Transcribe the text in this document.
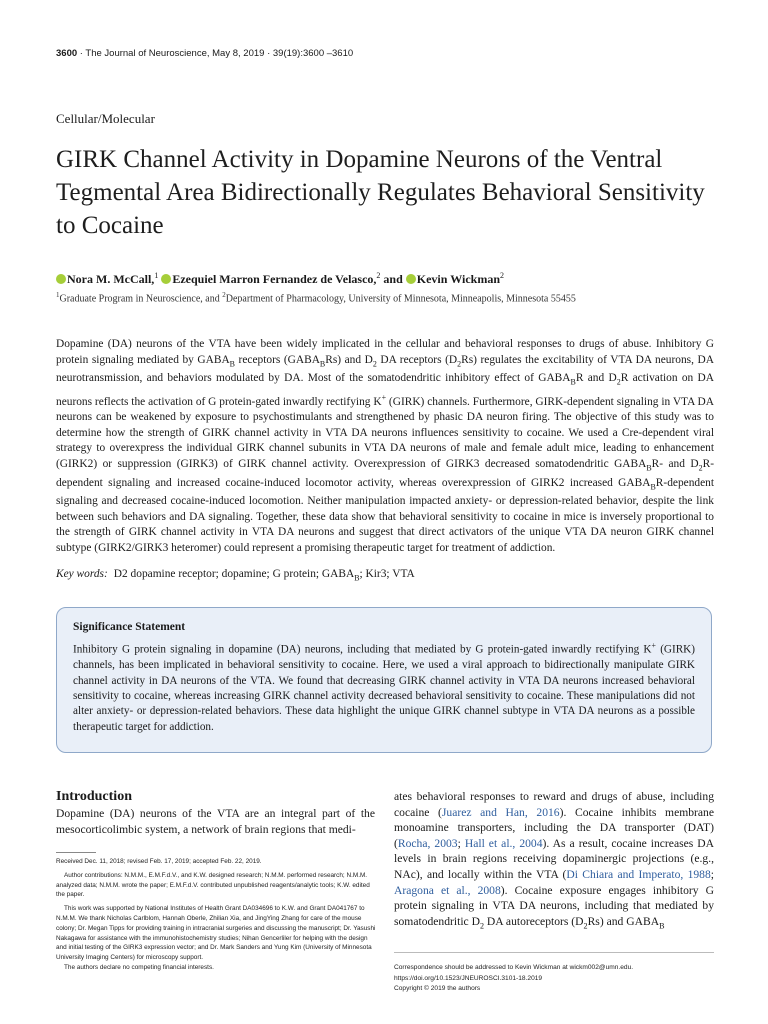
3600 · The Journal of Neuroscience, May 8, 2019 · 39(19):3600 –3610
Cellular/Molecular
GIRK Channel Activity in Dopamine Neurons of the Ventral Tegmental Area Bidirectionally Regulates Behavioral Sensitivity to Cocaine
Nora M. McCall,$^1$ Ezequiel Marron Fernandez de Velasco,$^2$ and Kevin Wickman$^2$
$^1$Graduate Program in Neuroscience, and $^2$Department of Pharmacology, University of Minnesota, Minneapolis, Minnesota 55455

Dopamine (DA) neurons of the VTA have been widely implicated in the cellular and behavioral responses to drugs of abuse. Inhibitory G protein signaling mediated by $GABA_B$ receptors $(GABA_BRs)$ and $D_2$ DA receptors $(D_2Rs)$ regulates the excitability of VTA DA neurons, DA neurotransmission, and behaviors modulated by DA. Most of the somatodendritic inhibitory effect of $GABA_BR$ and $D_2R$ activation on DA neurons reflects the activation of G protein-gated inwardly rectifying K+ (GIRK) channels. Furthermore, GIRK-dependent signaling in VTA DA neurons can be weakened by exposure to psychostimulants and strengthened by phasic DA neuron firing. The objective of this study was to determine how the strength of GIRK channel activity in VTA DA neurons influences sensitivity to cocaine. We used a Cre-dependent viral strategy to overexpress the individual GIRK channel subunits in VTA DA neurons of male and female adult mice, leading to enhancement (GIRK2) or suppression (GIRK3) of GIRK channel activity. Overexpression of GIRK3 decreased somatodendritic $GABA_BR-$ and $D_2R$-dependent signaling and increased cocaine-induced locomotor activity, whereas overexpression of GIRK2 increased $GABA_BR$-dependent signaling and decreased cocaine-induced locomotion. Neither manipulation impacted anxiety- or depression-related behavior, despite the link between such behaviors and DA signaling. Together, these data show that behavioral sensitivity to cocaine in mice is inversely proportional to the strength of GIRK channel activity in VTA DA neurons and suggest that direct activators of the unique VTA DA neuron GIRK channel subtype (GIRK2/GIRK3 heteromer) could represent a promising therapeutic target for treatment of addiction.

Key words: D2 dopamine receptor; dopamine; G protein; $GABA_B$; Kir3; VTA
Significance Statement

Inhibitory G protein signaling in dopamine (DA) neurons, including that mediated by G protein-gated inwardly rectifying K+ (GIRK) channels, has been implicated in behavioral sensitivity to cocaine. Here, we used a viral approach to bidirectionally manipulate GIRK channel activity in DA neurons of the VTA. We found that decreasing GIRK channel activity in VTA DA neurons increased behavioral sensitivity to cocaine, whereas increasing GIRK channel activity decreased behavioral sensitivity to cocaine. These manipulations did not alter anxiety- or depression-related behaviors. These data highlight the unique GIRK channel subtype in VTA DA neurons as a possible therapeutic target for addiction.

Introduction

Dopamine (DA) neurons of the VTA are an integral part of the mesocorticolimbic system, a network of brain regions that medi-

ates behavioral responses to reward and drugs of abuse, including cocaine (Juarez and Han, 2016). Cocaine inhibits membrane monoamine transporters, including the DA transporter (DAT) (Rocha, 2003; Hall et al., 2004). As a result, cocaine increases DA levels in brain regions receiving dopaminergic projections (e.g., NAc), and locally within the VTA (Di Chiara and Imperato, 1988; Aragona et al., 2008). Cocaine exposure engages inhibitory G protein signaling in VTA DA neurons, including that mediated by somatodendritic $D_2$ DA autoreceptors $(D_2Rs)$ and $GABA_B$

Received Dec. 11, 2018; revised Feb. 17, 2019; accepted Feb. 22, 2019.

Author contributions: N.M.M., E.M.F.d.V., and K.W. designed research; N.M.M. performed research; N.M.M. analyzed data; N.M.M. wrote the paper; E.M.F.d.V. contributed unpublished reagents/analytic tools; K.W. edited the paper.

This work was supported by National Institutes of Health Grant DA034696 to K.W. and Grant DA041767 to N.M.M. We thank Nicholas Carlblom, Hannah Oberle, Zhilian Xia, and JingYing Zhang for care of the mouse colony; Dr. Megan Tipps for providing training in intracranial surgeries and discussing the manuscript; Dr. Yasushi Nakagawa for assistance with the immunohistochemistry studies; Nihan Gencerliler for helping with the design and initial testing of the GIRK3 expression vector; and Dr. Mark Sanders and Yung Kim (University of Minnesota University Imaging Centers) for microscopy support.

The authors declare no competing financial interests.	Correspondence should be addressed to Kevin Wickman at wickm002@umn.edu.

https://doi.org/10.1523/JNEUROSCI.3101-18.2019

Copyright © 2019 the authors
